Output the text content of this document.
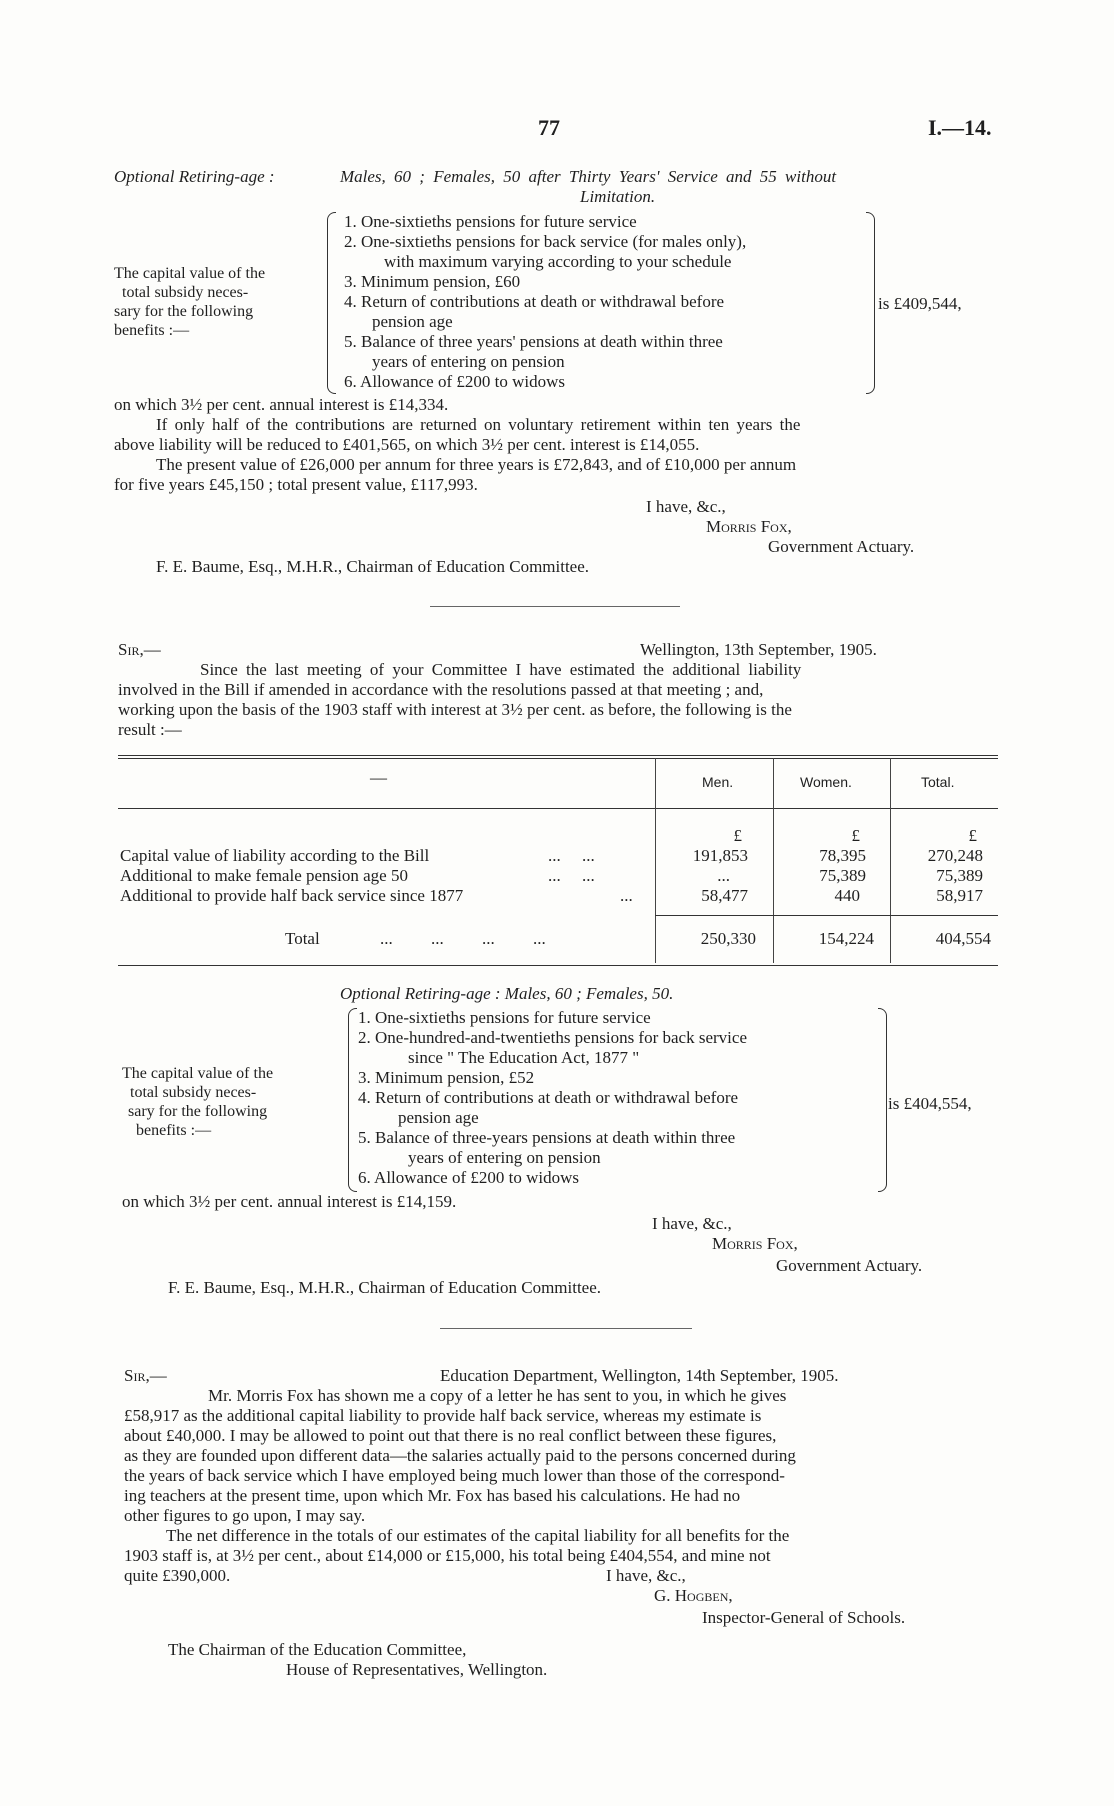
77	I.—14.
Optional Retiring-age :	Males, 60 ; Females, 50 after Thirty Years' Service and 55 without
Limitation.
The capital value of the
total subsidy neces-
sary for the following
benefits :—
1. One-sixtieths pensions for future service
2. One-sixtieths pensions for back service (for males only),
with maximum varying according to your schedule
3. Minimum pension, £60
4. Return of contributions at death or withdrawal before
pension age
5. Balance of three years' pensions at death within three
years of entering on pension
6. Allowance of £200 to widows
is £409,544,
on which 3½ per cent. annual interest is £14,334.
If only half of the contributions are returned on voluntary retirement within ten years the
above liability will be reduced to £401,565, on which 3½ per cent. interest is £14,055.
The present value of £26,000 per annum for three years is £72,843, and of £10,000 per annum
for five years £45,150 ; total present value, £117,993.
I have, &c.,
Morris Fox,
Government Actuary.
F. E. Baume, Esq., M.H.R., Chairman of Education Committee.
Sir,—	Wellington, 13th September, 1905.
Since the last meeting of your Committee I have estimated the additional liability
involved in the Bill if amended in accordance with the resolutions passed at that meeting ; and,
working upon the basis of the 1903 staff with interest at 3½ per cent. as before, the following is the
result :—
—	Men.	Women.	Total.
£	£	£
Capital value of liability according to the Bill	...     ...	191,853	78,395	270,248
Additional to make female pension age 50	...     ...	...	75,389	75,389
Additional to provide half back service since 1877	...	58,477	440	58,917
Total	...         ...         ...         ...	250,330	154,224	404,554
Optional Retiring-age : Males, 60 ; Females, 50.
The capital value of the
total subsidy neces-
sary for the following
benefits :—
1. One-sixtieths pensions for future service
2. One-hundred-and-twentieths pensions for back service
since " The Education Act, 1877 "
3. Minimum pension, £52
4. Return of contributions at death or withdrawal before
pension age
5. Balance of three-years pensions at death within three
years of entering on pension
6. Allowance of £200 to widows
is £404,554,
on which 3½ per cent. annual interest is £14,159.
I have, &c.,
Morris Fox,
Government Actuary.
F. E. Baume, Esq., M.H.R., Chairman of Education Committee.
Sir,—	Education Department, Wellington, 14th September, 1905.
Mr. Morris Fox has shown me a copy of a letter he has sent to you, in which he gives
£58,917 as the additional capital liability to provide half back service, whereas my estimate is
about £40,000. I may be allowed to point out that there is no real conflict between these figures,
as they are founded upon different data—the salaries actually paid to the persons concerned during
the years of back service which I have employed being much lower than those of the correspond-
ing teachers at the present time, upon which Mr. Fox has based his calculations. He had no
other figures to go upon, I may say.
The net difference in the totals of our estimates of the capital liability for all benefits for the
1903 staff is, at 3½ per cent., about £14,000 or £15,000, his total being £404,554, and mine not
quite £390,000.	I have, &c.,
G. Hogben,
Inspector-General of Schools.
The Chairman of the Education Committee,
House of Representatives, Wellington.
